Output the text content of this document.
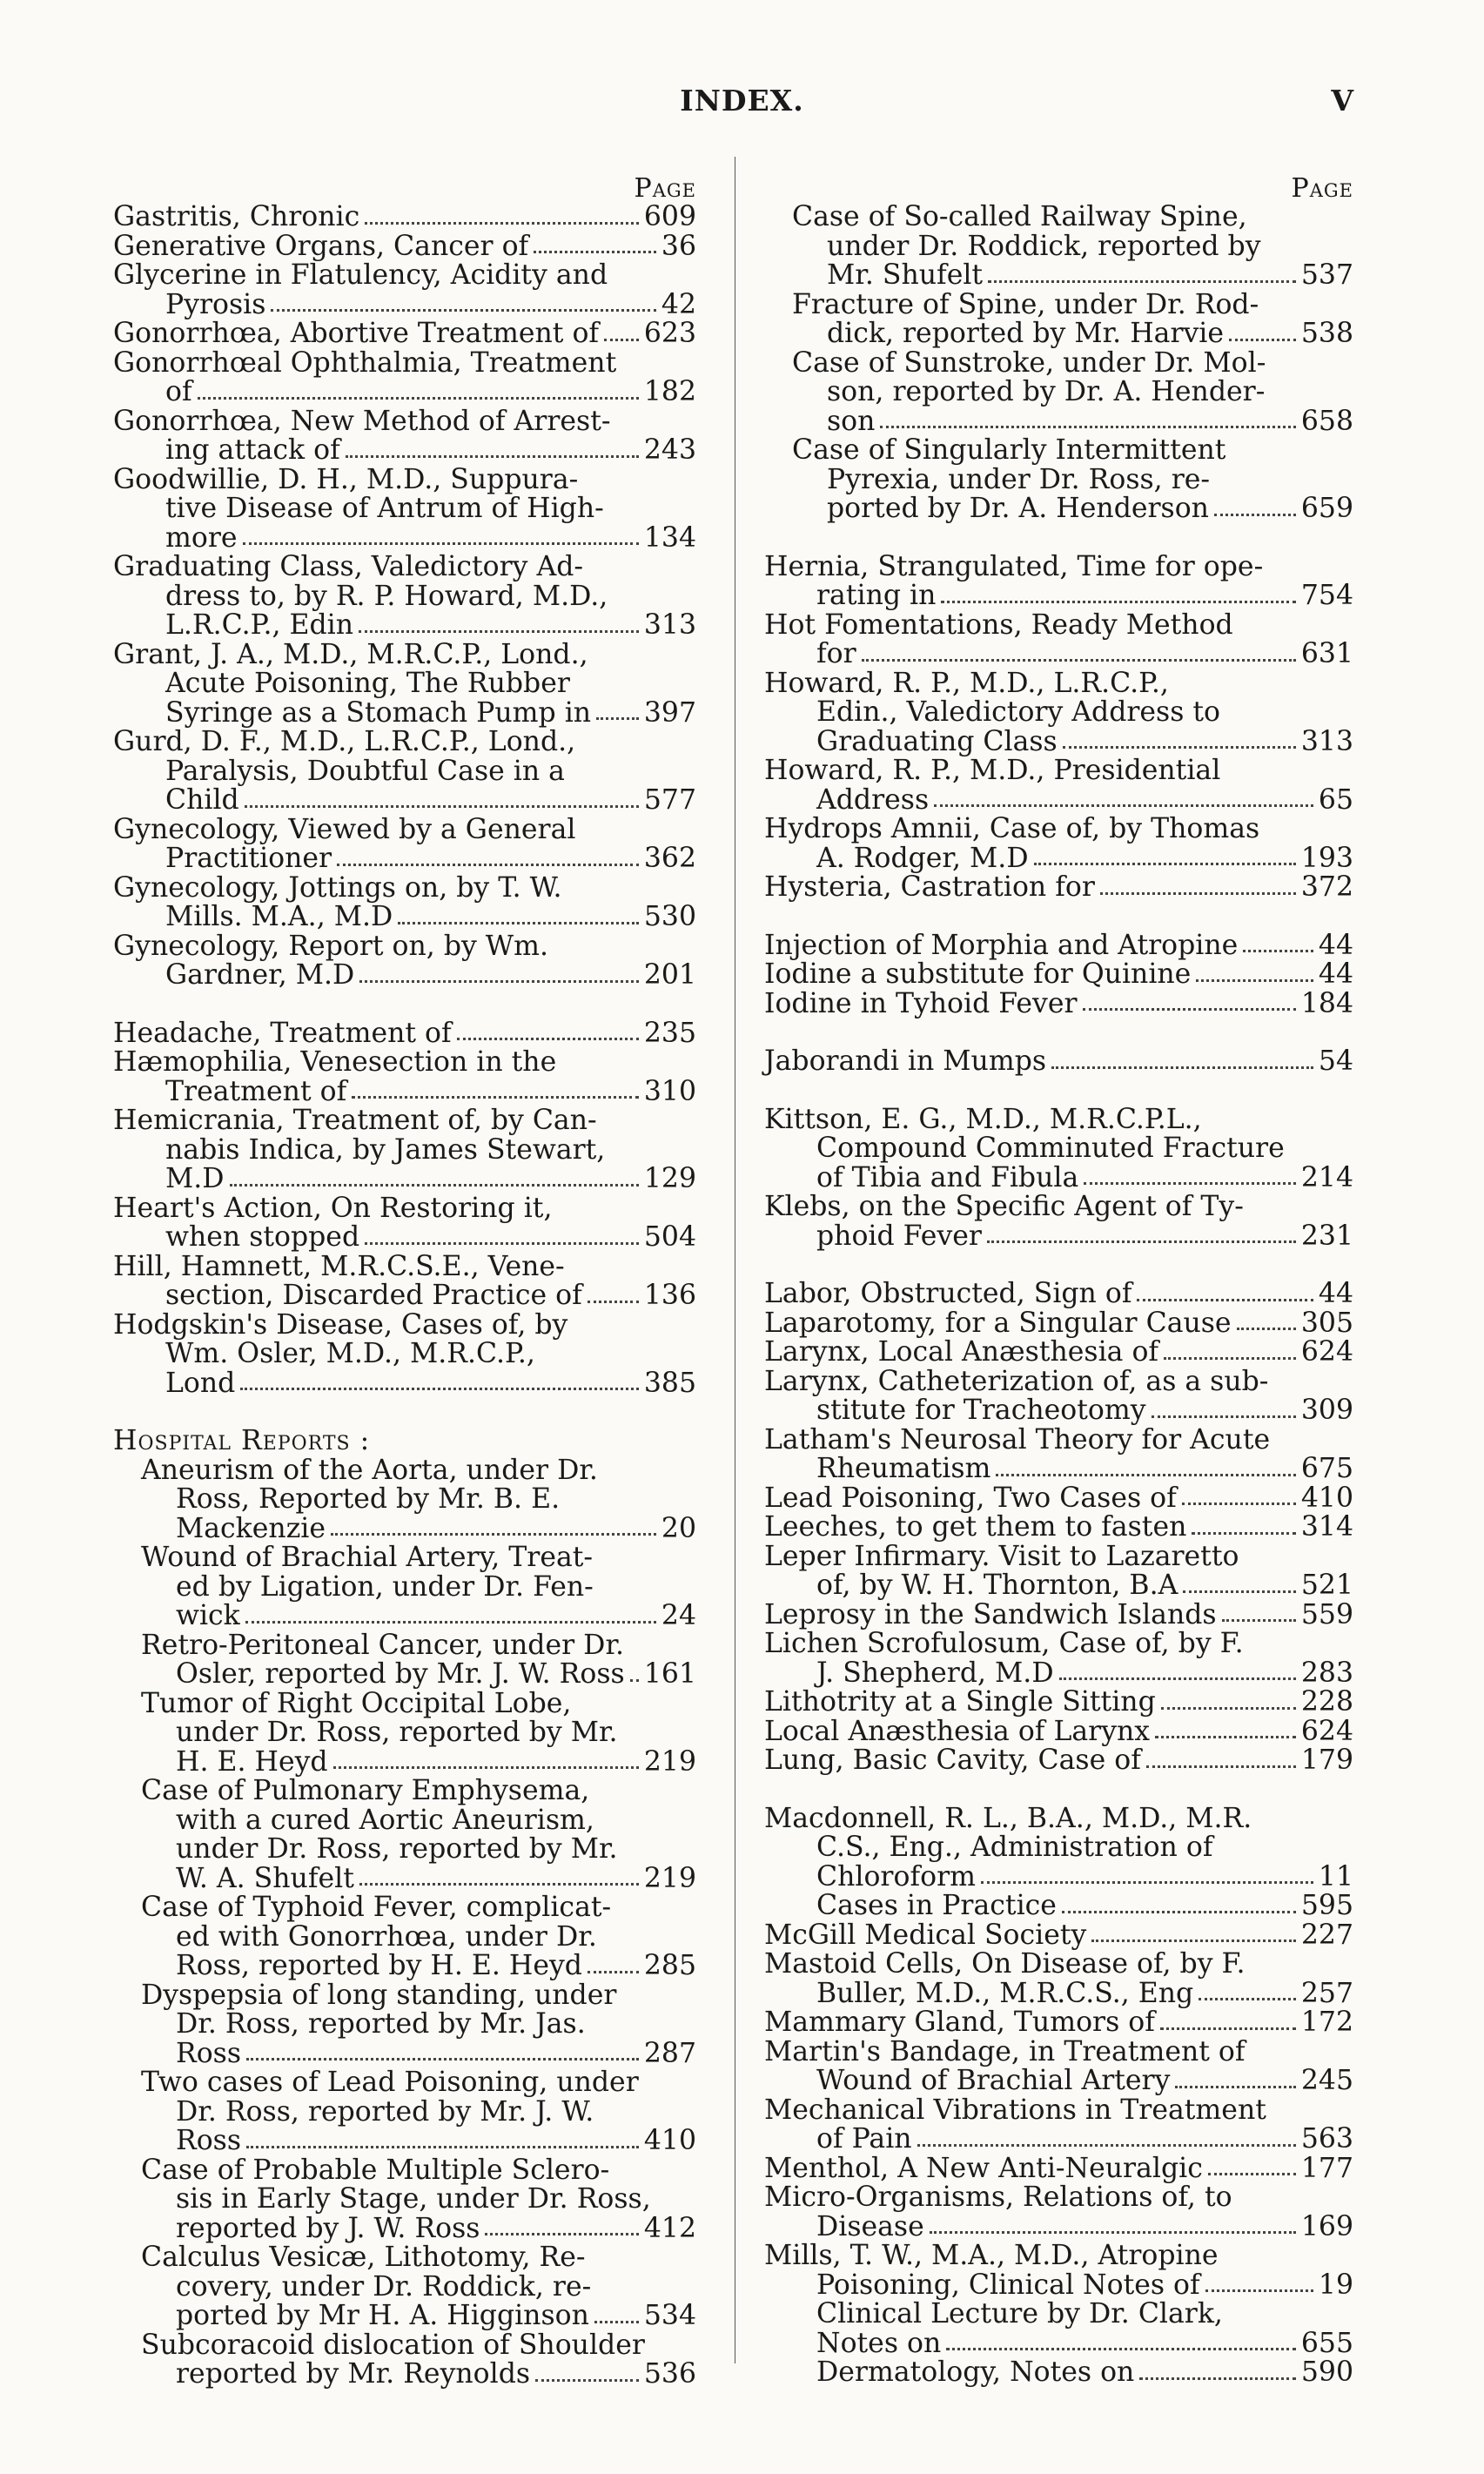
INDEX.	V
Page
Gastritis, Chronic	609
Generative Organs, Cancer of	36
Glycerine in Flatulency, Acidity and
Pyrosis	42
Gonorrhœa, Abortive Treatment of 623
Gonorrhœal Ophthalmia, Treatment
of	182
Gonorrhœa, New Method of Arrest-
ing attack of	243
Goodwillie, D. H., M.D., Suppura-
tive Disease of Antrum of High-
more	134
Graduating Class, Valedictory Ad-
dress to, by R. P. Howard, M.D.,
L.R.C.P., Edin	313
Grant, J. A., M.D., M.R.C.P., Lond.,
Acute Poisoning, The Rubber
Syringe as a Stomach Pump in 397
Gurd, D. F., M.D., L.R.C.P., Lond.,
Paralysis, Doubtful Case in a
Child	577
Gynecology, Viewed by a General
Practitioner	362
Gynecology, Jottings on, by T. W.
Mills. M.A., M.D	530
Gynecology, Report on, by Wm.
Gardner, M.D	201
Headache, Treatment of	235
Hæmophilia, Venesection in the
Treatment of	310
Hemicrania, Treatment of, by Can-
nabis Indica, by James Stewart,
M.D	129
Heart's Action, On Restoring it,
when stopped	504
Hill, Hamnett, M.R.C.S.E., Vene-
section, Discarded Practice of 136
Hodgskin's Disease, Cases of, by
Wm. Osler, M.D., M.R.C.P.,
Lond	385
Hospital Reports :
Aneurism of the Aorta, under Dr.
Ross, Reported by Mr. B. E.
Mackenzie	20
Wound of Brachial Artery, Treat-
ed by Ligation, under Dr. Fen-
wick	24
Retro-Peritoneal Cancer, under Dr.
Osler, reported by Mr. J. W. Ross 161
Tumor of Right Occipital Lobe,
under Dr. Ross, reported by Mr.
H. E. Heyd	219
Case of Pulmonary Emphysema,
with a cured Aortic Aneurism,
under Dr. Ross, reported by Mr.
W. A. Shufelt	219
Case of Typhoid Fever, complicat-
ed with Gonorrhœa, under Dr.
Ross, reported by H. E. Heyd 285
Dyspepsia of long standing, under
Dr. Ross, reported by Mr. Jas.
Ross	287
Two cases of Lead Poisoning, under
Dr. Ross, reported by Mr. J. W.
Ross	410
Case of Probable Multiple Sclero-
sis in Early Stage, under Dr. Ross,
reported by J. W. Ross	412
Calculus Vesicæ, Lithotomy, Re-
covery, under Dr. Roddick, re-
ported by Mr H. A. Higginson 534
Subcoracoid dislocation of Shoulder
reported by Mr. Reynolds	536
Page
Case of So-called Railway Spine,
under Dr. Roddick, reported by
Mr. Shufelt	537
Fracture of Spine, under Dr. Rod-
dick, reported by Mr. Harvie	538
Case of Sunstroke, under Dr. Mol-
son, reported by Dr. A. Hender-
son	658
Case of Singularly Intermittent
Pyrexia, under Dr. Ross, re-
ported by Dr. A. Henderson	659
Hernia, Strangulated, Time for ope-
rating in	754
Hot Fomentations, Ready Method
for	631
Howard, R. P., M.D., L.R.C.P.,
Edin., Valedictory Address to
Graduating Class	313
Howard, R. P., M.D., Presidential
Address	65
Hydrops Amnii, Case of, by Thomas
A. Rodger, M.D	193
Hysteria, Castration for	372
Injection of Morphia and Atropine	44
Iodine a substitute for Quinine	44
Iodine in Tyhoid Fever	184
Jaborandi in Mumps	54
Kittson, E. G., M.D., M.R.C.P.L.,
Compound Comminuted Fracture
of Tibia and Fibula	214
Klebs, on the Specific Agent of Ty-
phoid Fever	231
Labor, Obstructed, Sign of	44
Laparotomy, for a Singular Cause	305
Larynx, Local Anæsthesia of	624
Larynx, Catheterization of, as a sub-
stitute for Tracheotomy	309
Latham's Neurosal Theory for Acute
Rheumatism	675
Lead Poisoning, Two Cases of	410
Leeches, to get them to fasten	314
Leper Infirmary. Visit to Lazaretto
of, by W. H. Thornton, B.A	521
Leprosy in the Sandwich Islands	559
Lichen Scrofulosum, Case of, by F.
J. Shepherd, M.D	283
Lithotrity at a Single Sitting	228
Local Anæsthesia of Larynx	624
Lung, Basic Cavity, Case of	179
Macdonnell, R. L., B.A., M.D., M.R.
C.S., Eng., Administration of
Chloroform	11
Cases in Practice	595
McGill Medical Society	227
Mastoid Cells, On Disease of, by F.
Buller, M.D., M.R.C.S., Eng	257
Mammary Gland, Tumors of	172
Martin's Bandage, in Treatment of
Wound of Brachial Artery	245
Mechanical Vibrations in Treatment
of Pain	563
Menthol, A New Anti-Neuralgic	177
Micro-Organisms, Relations of, to
Disease	169
Mills, T. W., M.A., M.D., Atropine
Poisoning, Clinical Notes of	19
Clinical Lecture by Dr. Clark,
Notes on	655
Dermatology, Notes on	590
